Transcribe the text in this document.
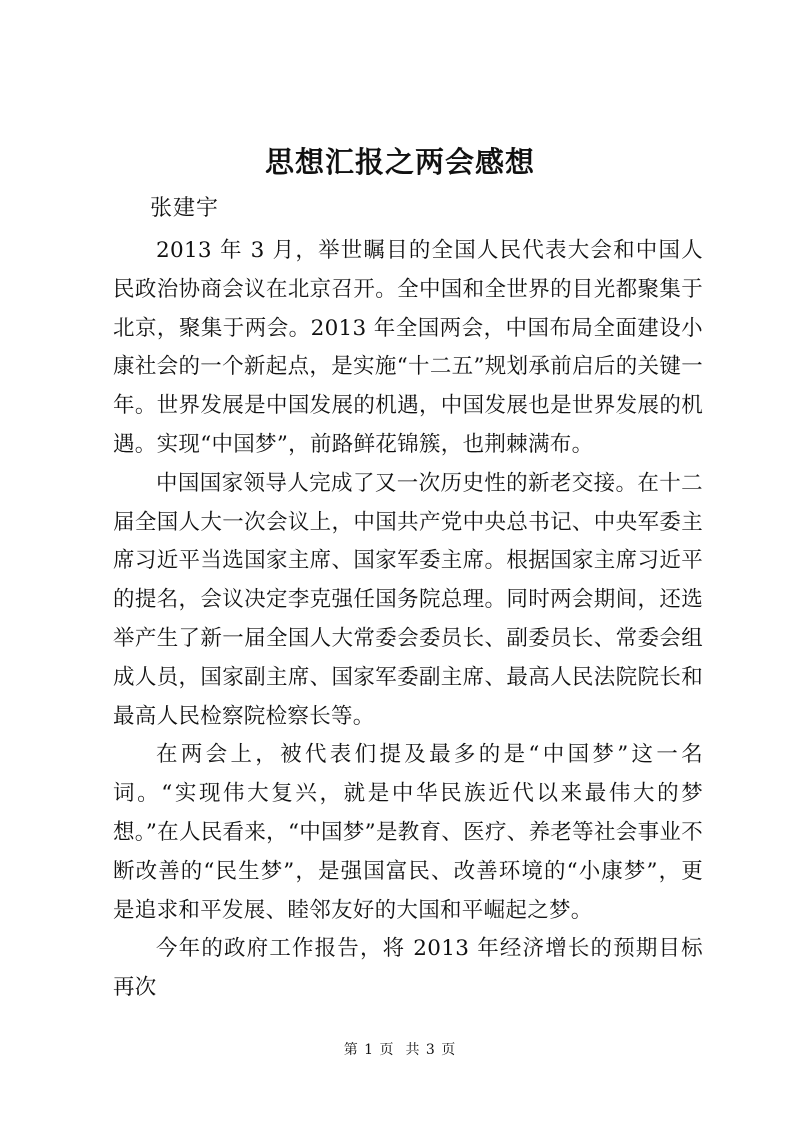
思想汇报之两会感想

张建宇

2013 年 3 月，举世瞩目的全国人民代表大会和中国人民政治协商会议在北京召开。全中国和全世界的目光都聚集于北京，聚集于两会。2013 年全国两会，中国布局全面建设小康社会的一个新起点，是实施“十二五”规划承前启后的关键一年。世界发展是中国发展的机遇，中国发展也是世界发展的机遇。实现“中国梦”，前路鲜花锦簇，也荆棘满布。

中国国家领导人完成了又一次历史性的新老交接。在十二届全国人大一次会议上，中国共产党中央总书记、中央军委主席习近平当选国家主席、国家军委主席。根据国家主席习近平的提名，会议决定李克强任国务院总理。同时两会期间，还选举产生了新一届全国人大常委会委员长、副委员长、常委会组成人员，国家副主席、国家军委副主席、最高人民法院院长和最高人民检察院检察长等。

在两会上，被代表们提及最多的是“中国梦”这一名词。“实现伟大复兴，就是中华民族近代以来最伟大的梦想。”在人民看来，“中国梦”是教育、医疗、养老等社会事业不断改善的“民生梦”，是强国富民、改善环境的“小康梦”，更是追求和平发展、睦邻友好的大国和平崛起之梦。

今年的政府工作报告，将 2013 年经济增长的预期目标再次

第 1 页 共 3 页
